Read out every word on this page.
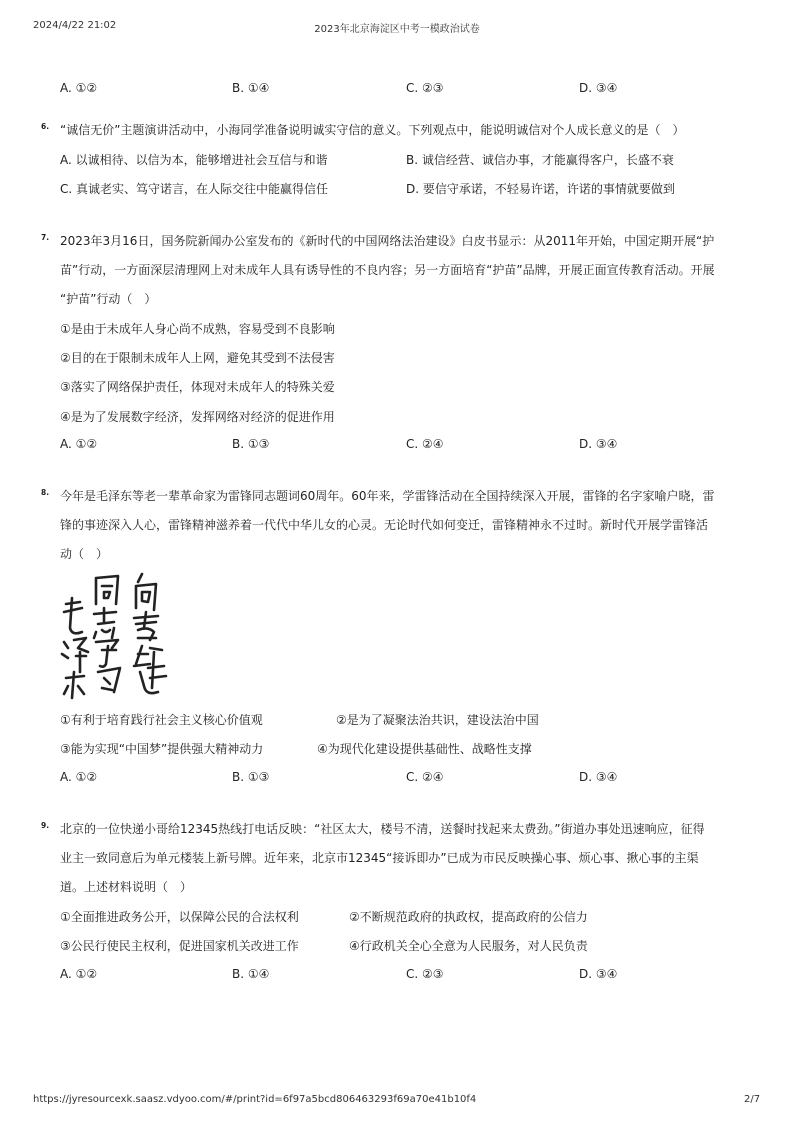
2024/4/22 21:02	2023年北京海淀区中考一模政治试卷
A. ①②	B. ①④	C. ②③	D. ③④
6. “诚信无价”主题演讲活动中，小海同学准备说明诚实守信的意义。下列观点中，能说明诚信对个人成长意义的是（　）
A. 以诚相待、以信为本，能够增进社会互信与和谐	B. 诚信经营、诚信办事，才能赢得客户，长盛不衰
C. 真诚老实、笃守诺言，在人际交往中能赢得信任	D. 要信守承诺，不轻易许诺，许诺的事情就要做到
7. 2023年3月16日，国务院新闻办公室发布的《新时代的中国网络法治建设》白皮书显示：从2011年开始，中国定期开展“护
苗”行动，一方面深层清理网上对未成年人具有诱导性的不良内容；另一方面培育“护苗”品牌，开展正面宣传教育活动。开展
“护苗”行动（　）
①是由于未成年人身心尚不成熟，容易受到不良影响
②目的在于限制未成年人上网，避免其受到不法侵害
③落实了网络保护责任，体现对未成年人的特殊关爱
④是为了发展数字经济，发挥网络对经济的促进作用
A. ①②	B. ①③	C. ②④	D. ③④
8. 今年是毛泽东等老一辈革命家为雷锋同志题词60周年。60年来，学雷锋活动在全国持续深入开展，雷锋的名字家喻户晓，雷
锋的事迹深入人心，雷锋精神滋养着一代代中华儿女的心灵。无论时代如何变迁，雷锋精神永不过时。新时代开展学雷锋活
动（　）
①有利于培育践行社会主义核心价值观	②是为了凝聚法治共识，建设法治中国
③能为实现“中国梦”提供强大精神动力	④为现代化建设提供基础性、战略性支撑
A. ①②	B. ①③	C. ②④	D. ③④
9. 北京的一位快递小哥给12345热线打电话反映：“社区太大，楼号不清，送餐时找起来太费劲。”街道办事处迅速响应，征得
业主一致同意后为单元楼装上新号牌。近年来，北京市12345“接诉即办”已成为市民反映操心事、烦心事、揪心事的主渠
道。上述材料说明（　）
①全面推进政务公开，以保障公民的合法权利	②不断规范政府的执政权，提高政府的公信力
③公民行使民主权利，促进国家机关改进工作	④行政机关全心全意为人民服务，对人民负责
A. ①②	B. ①④	C. ②③	D. ③④
https://jyresourcexk.saasz.vdyoo.com/#/print?id=6f97a5bcd806463293f69a70e41b10f4	2/7
